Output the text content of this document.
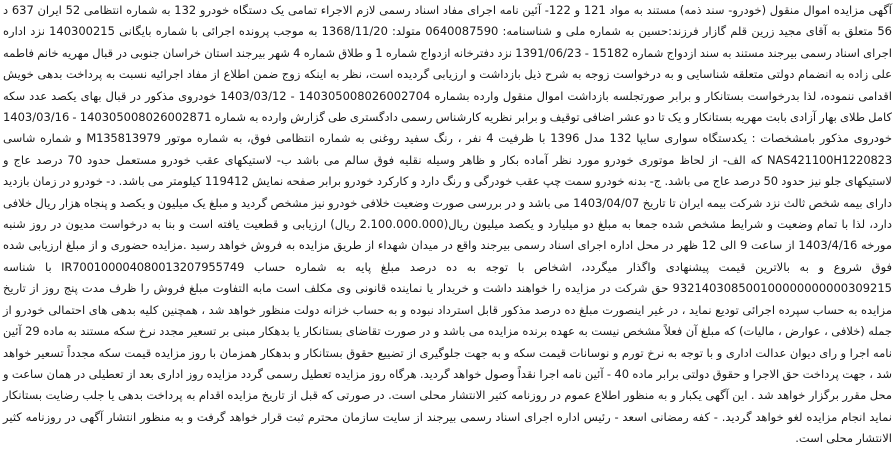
آگهی مزایده اموال منقول (خودرو- سند ذمه) مستند به مواد 121 و 122- آئین نامه اجرای مفاد اسناد رسمی لازم الاجراء تمامی یک دستگاه خودرو 132 به شماره انتظامی 52 ایران 637 د 56 متعلق به آقای مجید زرین قلم گازار فرزند:حسین به شماره ملی و شناسنامه: 0640087590 متولد: 1368/11/20 به موجب پرونده اجرائی با شماره بایگانی 140300215 نزد اداره اجرای اسناد رسمی بیرجند مستند به سند ازدواج شماره 15182 - 1391/06/23 نزد دفترخانه ازدواج شماره 1 و طلاق شماره 4 شهر بیرجند استان خراسان جنوبی در قبال مهریه خانم فاطمه علی زاده به انضمام دولتی متعلقه شناسایی و به درخواست زوجه به شرح ذیل بازداشت و ارزیابی گردیده است، نظر به اینکه زوج ضمن اطلاع از مفاد اجرائیه نسبت به پرداخت بدهی خویش اقدامی ننموده، لذا بدرخواست بستانکار و برابر صورتجلسه بازداشت اموال منقول وارده بشماره 140305008026002704 - 1403/03/12 خودروی مذکور در قبال بهای یکصد عدد سکه کامل طلای بهار آزادی بابت مهریه بستانکار و یک تا دو عشر اضافی توقیف و برابر نظریه کارشناس رسمی دادگستری طی گزارش وارده به شماره 140305008026002871 - 1403/03/16 خودروی مذکور بامشخصات : یکدستگاه سواری سایپا 132 مدل 1396 با ظرفیت 4 نفر ، رنگ سفید روغنی به شماره انتظامی فوق، به شماره موتور M135813979 و شماره شاسی NAS421100H1220823 که الف- از لحاظ موتوری خودرو مورد نظر آماده بکار و ظاهر وسیله نقلیه فوق سالم می باشد ب- لاستیکهای عقب خودرو مستعمل حدود 70 درصد عاج و لاستیکهای جلو نیز حدود 50 درصد عاج می باشد. ج- بدنه خودرو سمت چپ عقب خودرگی و رنگ دارد و کارکرد خودرو برابر صفحه نمایش 119412 کیلومتر می باشد. د- خودرو در زمان بازدید دارای بیمه شخص ثالث نزد شرکت بیمه ایران تا تاریخ 1403/04/07 می باشد و در بررسی صورت وضعیت خلافی خودرو نیز مشخص گردید و مبلغ یک میلیون و یکصد و پنجاه هزار ریال خلافی دارد، لذا با تمام وضعیت و شرایط مشخص شده جمعا به مبلغ دو میلیارد و یکصد میلیون ریال(2.100.000.000 ریال) ارزیابی و قطعیت یافته است و بنا به درخواست مدیون در روز شنبه مورخه 1403/4/16 از ساعت 9 الی 12 ظهر در محل اداره اجرای اسناد رسمی بیرجند واقع در میدان شهداء از طریق مزایده به فروش خواهد رسید .مزایده حضوری و از مبلغ ارزیابی شده فوق شروع و به بالاترین قیمت پیشنهادی واگذار میگردد، اشخاص با توجه به ده درصد مبلغ پایه به شماره حساب IR700100004080013207955749 با شناسه 932140308500100000000000309215 حق شرکت در مزایده را خواهند داشت و خریدار یا نماینده قانونی وی مکلف است مابه التفاوت مبلغ فروش را ظرف مدت پنج روز از تاریخ مزایده به حساب سپرده اجرائی تودیع نماید ، در غیر اینصورت مبلغ ده درصد مذکور قابل استرداد نبوده و به حساب خزانه دولت منظور خواهد شد ، همچنین کلیه بدهی های احتمالی خودرو از جمله (خلافی ، عوارض ، مالیات) که مبلغ آن فعلاً مشخص نیست به عهده برنده مزایده می باشد و در صورت تقاضای بستانکار یا بدهکار مبنی بر تسعیر مجدد نرخ سکه مستند به ماده 29 آئین نامه اجرا و رای دیوان عدالت اداری و با توجه به نرخ تورم و نوسانات قیمت سکه و به جهت جلوگیری از تضییع حقوق بستانکار و بدهکار همزمان با روز مزایده قیمت سکه مجدداً تسعیر خواهد شد ، جهت پرداخت حق الاجرا و حقوق دولتی برابر ماده 40 - آئین نامه اجرا نقداً وصول خواهد گردید. هرگاه روز مزایده تعطیل رسمی گردد مزایده روز اداری بعد از تعطیلی در همان ساعت و محل مقرر برگزار خواهد شد . این آگهی یکبار و به منظور اطلاع عموم در روزنامه کثیر الانتشار محلی است. در صورتی که قبل از تاریخ مزایده اقدام به پرداخت بدهی یا جلب رضایت بستانکار نماید انجام مزایده لغو خواهد گردید. - کفه رمضانی اسعد - رئیس اداره اجرای اسناد رسمی بیرجند از سایت سازمان محترم ثبت قرار خواهد گرفت و به منظور انتشار آگهی در روزنامه کثیر الانتشار محلی است.
